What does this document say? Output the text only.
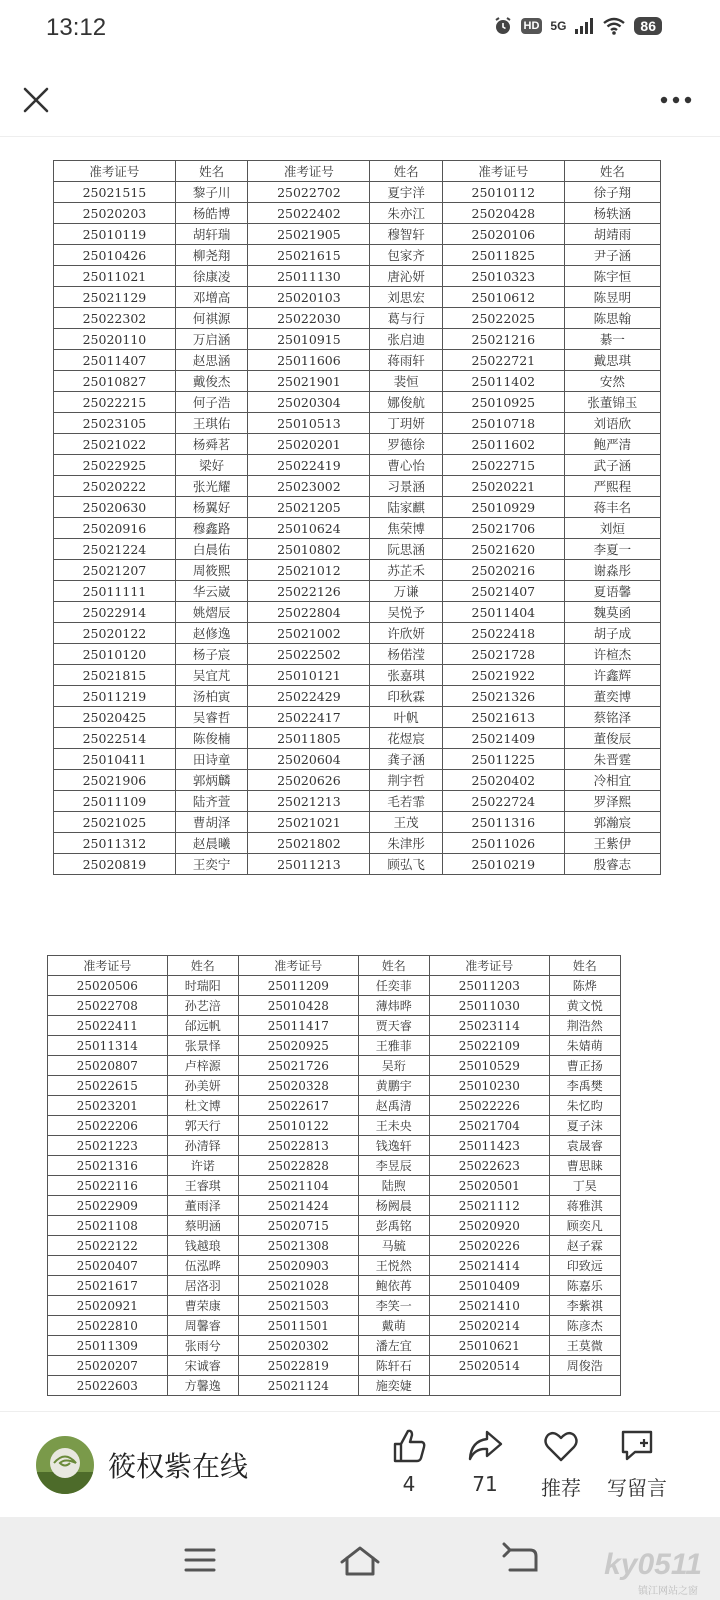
13:12	HD 5G	86
准考证号	姓名	准考证号	姓名	准考证号	姓名
25021515	黎子川	25022702	夏宇洋	25010112	徐子翔
25020203	杨皓博	25022402	朱亦江	25020428	杨轶涵
25010119	胡轩瑞	25021905	穆智轩	25020106	胡靖雨
25010426	柳尧翔	25021615	包家齐	25011825	尹子涵
25011021	徐康凌	25011130	唐沁妍	25010323	陈宇恒
25021129	邓增高	25020103	刘思宏	25010612	陈昱明
25022302	何祺源	25022030	葛与行	25022025	陈思翰
25020110	万启涵	25010915	张启迪	25021216	綦一
25011407	赵思涵	25011606	蒋雨轩	25022721	戴思琪
25010827	戴俊杰	25021901	裴恒	25011402	安然
25022215	何子浩	25020304	娜俊航	25010925	张董锦玉
25023105	王琪佑	25010513	丁玥妍	25010718	刘语欣
25021022	杨舜茗	25020201	罗德徐	25011602	鲍严清
25022925	梁好	25022419	曹心怡	25022715	武子涵
25020222	张光耀	25023002	习景涵	25020221	严熙程
25020630	杨翼好	25021205	陆家麒	25010929	蒋丰名
25020916	穆鑫路	25010624	焦荣博	25021706	刘烜
25021224	白晨佑	25010802	阮思涵	25021620	李夏一
25021207	周筱熙	25021012	苏芷禾	25020216	谢淼彤
25011111	华云崴	25022126	万谦	25021407	夏语馨
25022914	姚熠辰	25022804	吴悦予	25011404	魏莫函
25020122	赵修逸	25021002	许欣妍	25022418	胡子成
25010120	杨子宸	25022502	杨偌滢	25021728	许楦杰
25021815	吴宜芃	25010121	张嘉琪	25021922	许鑫辉
25011219	汤柏寅	25022429	印秋霖	25021326	董奕博
25020425	吴睿哲	25022417	叶帆	25021613	蔡铭泽
25022514	陈俊楠	25011805	花煜宸	25021409	董俊辰
25010411	田诗童	25020604	龚子涵	25011225	朱晋霆
25021906	郭炳麟	25020626	荆宇哲	25020402	冷相宜
25011109	陆齐萱	25021213	毛若霏	25022724	罗泽熙
25021025	曹胡泽	25021021	王茂	25011316	郭瀚宸
25011312	赵晨曦	25021802	朱津彤	25011026	王紫伊
25020819	王奕宁	25011213	顾弘飞	25010219	殷睿志
准考证号	姓名	准考证号	姓名	准考证号	姓名
25020506	时瑞阳	25011209	任奕菲	25011203	陈烨
25022708	孙艺涪	25010428	薄炜晔	25011030	黄文悦
25022411	邰远帆	25011417	贾天睿	25023114	荆浩然
25011314	张景怿	25020925	王雅菲	25022109	朱婧萌
25020807	卢梓源	25021726	吴珩	25010529	曹正扬
25022615	孙美妍	25020328	黄鹏宇	25010230	李禹樊
25023201	杜文博	25022617	赵禹清	25022226	朱忆昀
25022206	郭天行	25010122	王未央	25021704	夏子沫
25021223	孙清铎	25022813	钱逸轩	25011423	袁晟睿
25021316	许诺	25022828	李昱辰	25022623	曹思睐
25022116	王睿琪	25021104	陆煦	25020501	丁昊
25022909	董雨泽	25021424	杨阙晨	25021112	蒋雅淇
25021108	蔡明涵	25020715	彭禹铭	25020920	顾奕凡
25022122	钱越琅	25021308	马毓	25020226	赵子霖
25020407	伍泓晔	25020903	王悦然	25021414	印致远
25021617	居洛羽	25021028	鲍依苒	25010409	陈嘉乐
25020921	曹荣康	25021503	李笑一	25021410	李紫祺
25022810	周馨睿	25011501	戴萌	25020214	陈彦杰
25011309	张雨兮	25020302	潘左宜	25010621	王莫微
25020207	宋诚睿	25022819	陈轩石	25020514	周俊浩
25022603	方馨逸	25021124	施奕婕		
筱权紫在线
4	71	推荐	写留言
ky0511
镇江网站之窗
